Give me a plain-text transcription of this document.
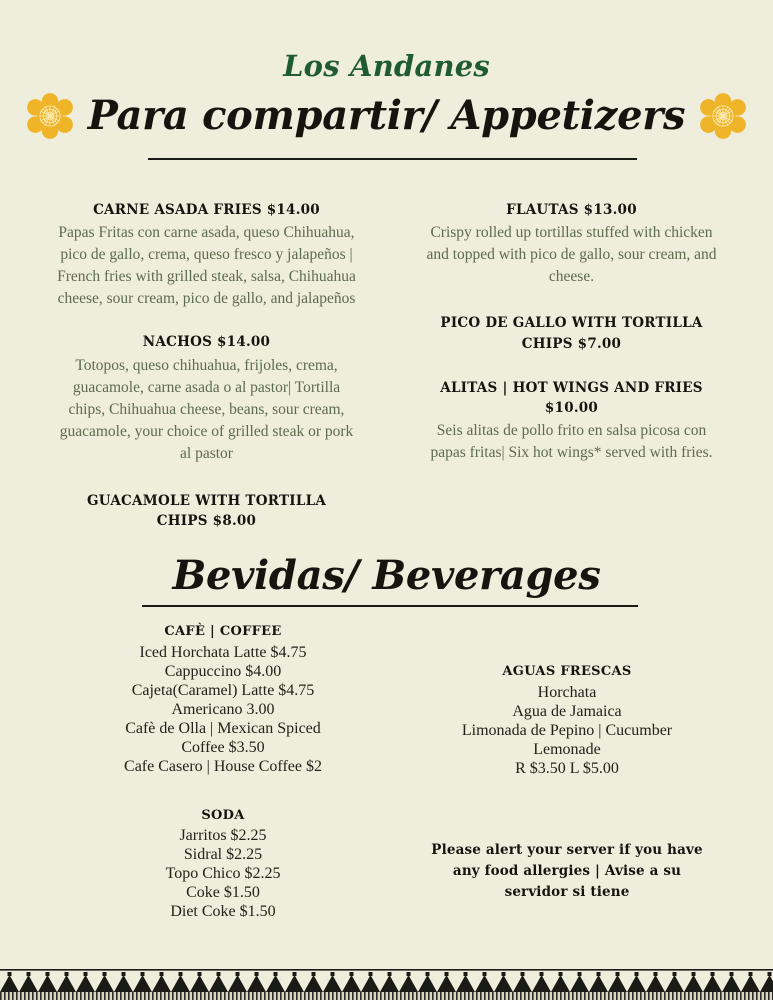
Los Andanes
Para compartir/ Appetizers

CARNE ASADA FRIES $14.00

Papas Fritas con carne asada, queso Chihuahua, pico de gallo, crema, queso fresco y jalapeños | French fries with grilled steak, salsa, Chihuahua cheese, sour cream, pico de gallo, and jalapeños

NACHOS $14.00

Totopos, queso chihuahua, frijoles, crema, guacamole, carne asada o al pastor| Tortilla chips, Chihuahua cheese, beans, sour cream, guacamole, your choice of grilled steak or pork al pastor

GUACAMOLE WITH TORTILLA CHIPS $8.00

FLAUTAS $13.00

Crispy rolled up tortillas stuffed with chicken and topped with pico de gallo, sour cream, and cheese.

PICO DE GALLO WITH TORTILLA CHIPS $7.00

ALITAS | HOT WINGS AND FRIES $10.00

Seis alitas de pollo frito en salsa picosa con papas fritas| Six hot wings* served with fries.

Bevidas/ Beverages

CAFÈ | COFFEE

Iced Horchata Latte $4.75

Cappuccino $4.00

Cajeta(Caramel) Latte $4.75

Americano 3.00

Cafè de Olla | Mexican Spiced

Coffee $3.50

Cafe Casero | House Coffee $2

SODA

Jarritos $2.25

Sidral $2.25

Topo Chico $2.25

Coke $1.50

Diet Coke $1.50

AGUAS FRESCAS

Horchata

Agua de Jamaica

Limonada de Pepino | Cucumber

Lemonade

R $3.50 L $5.00

Please alert your server if you have any food allergies | Avise a su servidor si tiene
